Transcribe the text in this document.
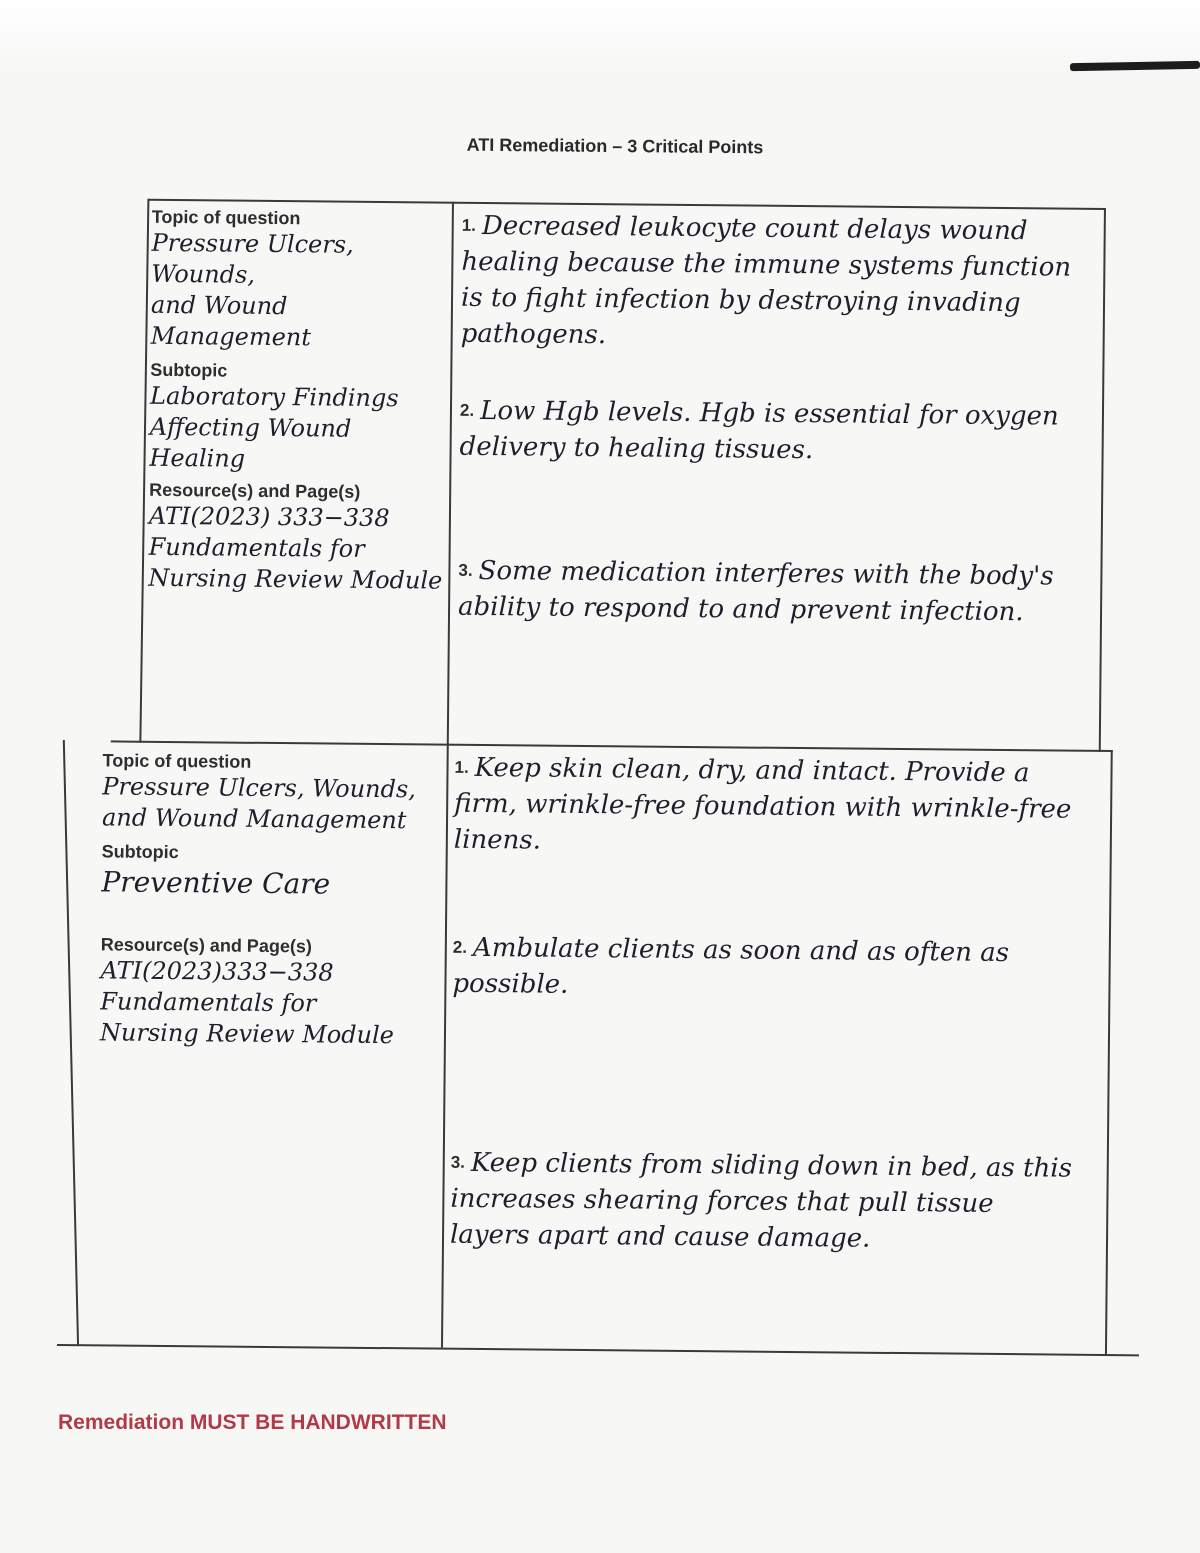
ATI Remediation – 3 Critical Points
Topic of question
Pressure Ulcers, Wounds,
and Wound Management
Subtopic
Laboratory Findings
Affecting Wound Healing
Resource(s) and Page(s)
ATI(2023) 333−338
Fundamentals for
Nursing Review Module
$^{1.}$ Decreased leukocyte count delays wound healing because the immune systems function is to fight infection by destroying invading pathogens.
$^{2.}$ Low Hgb levels. Hgb is essential for oxygen delivery to healing tissues.
$^{3.}$ Some medication interferes with the body's ability to respond to and prevent infection.
Topic of question
Pressure Ulcers, Wounds,
and Wound Management
Subtopic
Preventive Care
Resource(s) and Page(s)
ATI(2023)333−338
Fundamentals for
Nursing Review Module
$^{1.}$ Keep skin clean, dry, and intact. Provide a firm, wrinkle-free foundation with wrinkle-free linens.
$^{2.}$ Ambulate clients as soon and as often as possible.
$^{3.}$ Keep clients from sliding down in bed, as this increases shearing forces that pull tissue layers apart and cause damage.
Remediation MUST BE HANDWRITTEN
